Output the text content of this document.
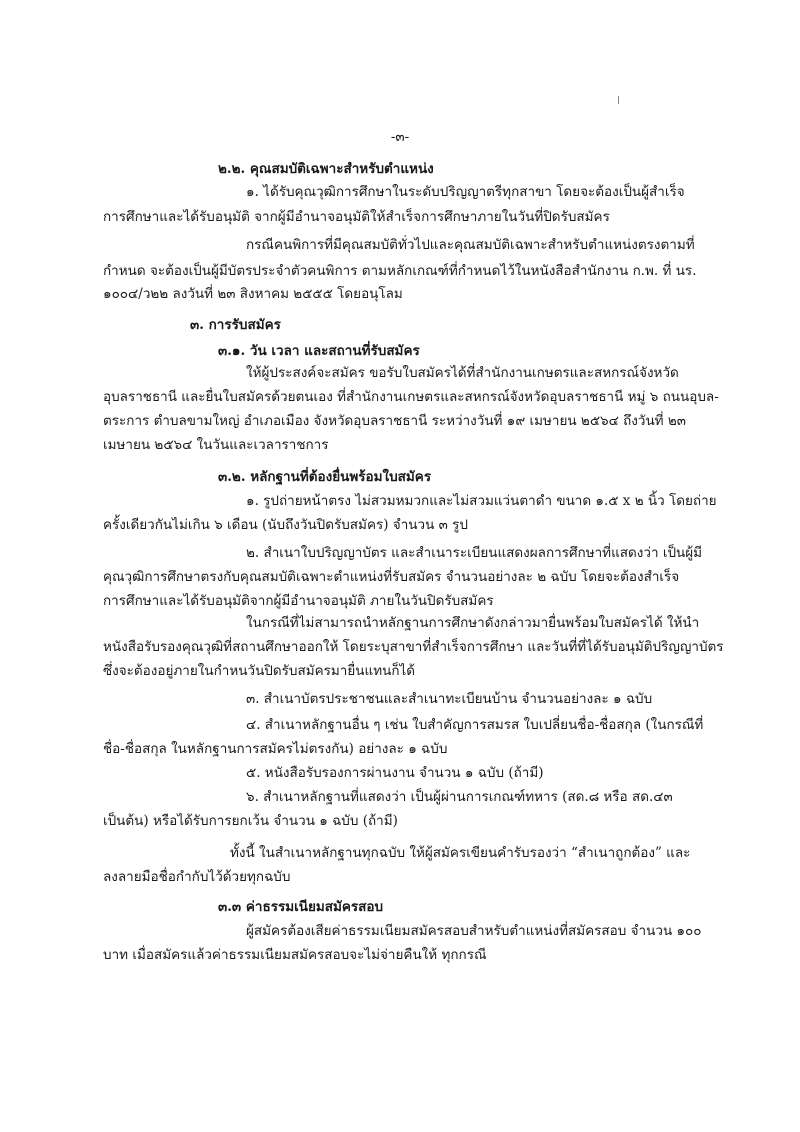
-๓-
๒.๒. คุณสมบัติเฉพาะสำหรับตำแหน่ง
๑. ได้รับคุณวุฒิการศึกษาในระดับปริญญาตรีทุกสาขา โดยจะต้องเป็นผู้สำเร็จ
การศึกษาและได้รับอนุมัติ จากผู้มีอำนาจอนุมัติให้สำเร็จการศึกษาภายในวันที่ปิดรับสมัคร
กรณีคนพิการที่มีคุณสมบัติทั่วไปและคุณสมบัติเฉพาะสำหรับตำแหน่งตรงตามที่
กำหนด จะต้องเป็นผู้มีบัตรประจำตัวคนพิการ ตามหลักเกณฑ์ที่กำหนดไว้ในหนังสือสำนักงาน ก.พ. ที่ นร.
๑๐๐๔/ว๒๒ ลงวันที่ ๒๓ สิงหาคม ๒๕๕๕ โดยอนุโลม
๓. การรับสมัคร
๓.๑. วัน เวลา และสถานที่รับสมัคร
ให้ผู้ประสงค์จะสมัคร ขอรับใบสมัครได้ที่สำนักงานเกษตรและสหกรณ์จังหวัด
อุบลราชธานี และยื่นใบสมัครด้วยตนเอง ที่สำนักงานเกษตรและสหกรณ์จังหวัดอุบลราชธานี หมู่ ๖ ถนนอุบล-
ตระการ ตำบลขามใหญ่ อำเภอเมือง จังหวัดอุบลราชธานี ระหว่างวันที่ ๑๙ เมษายน ๒๕๖๔ ถึงวันที่ ๒๓
เมษายน ๒๕๖๔ ในวันและเวลาราชการ
๓.๒. หลักฐานที่ต้องยื่นพร้อมใบสมัคร
๑. รูปถ่ายหน้าตรง ไม่สวมหมวกและไม่สวมแว่นตาดำ ขนาด ๑.๕ x ๒ นิ้ว โดยถ่าย
ครั้งเดียวกันไม่เกิน ๖ เดือน (นับถึงวันปิดรับสมัคร) จำนวน ๓ รูป
๒. สำเนาใบปริญญาบัตร และสำเนาระเบียนแสดงผลการศึกษาที่แสดงว่า เป็นผู้มี
คุณวุฒิการศึกษาตรงกับคุณสมบัติเฉพาะตำแหน่งที่รับสมัคร จำนวนอย่างละ ๒ ฉบับ โดยจะต้องสำเร็จ
การศึกษาและได้รับอนุมัติจากผู้มีอำนาจอนุมัติ ภายในวันปิดรับสมัคร
ในกรณีที่ไม่สามารถนำหลักฐานการศึกษาดังกล่าวมายื่นพร้อมใบสมัครได้ ให้นำ
หนังสือรับรองคุณวุฒิที่สถานศึกษาออกให้ โดยระบุสาขาที่สำเร็จการศึกษา และวันที่ที่ได้รับอนุมัติปริญญาบัตร
ซึ่งจะต้องอยู่ภายในกำหนวันปิดรับสมัครมายื่นแทนก็ได้
๓. สำเนาบัตรประชาชนและสำเนาทะเบียนบ้าน จำนวนอย่างละ ๑ ฉบับ
๔. สำเนาหลักฐานอื่น ๆ เช่น ใบสำคัญการสมรส ใบเปลี่ยนชื่อ-ชื่อสกุล (ในกรณีที่
ชื่อ-ชื่อสกุล ในหลักฐานการสมัครไม่ตรงกัน) อย่างละ ๑ ฉบับ
๕. หนังสือรับรองการผ่านงาน จำนวน ๑ ฉบับ (ถ้ามี)
๖. สำเนาหลักฐานที่แสดงว่า เป็นผู้ผ่านการเกณฑ์ทหาร (สด.๘ หรือ สด.๔๓
เป็นต้น) หรือได้รับการยกเว้น จำนวน ๑ ฉบับ (ถ้ามี)
ทั้งนี้ ในสำเนาหลักฐานทุกฉบับ ให้ผู้สมัครเขียนคำรับรองว่า “สำเนาถูกต้อง” และ
ลงลายมือชื่อกำกับไว้ด้วยทุกฉบับ
๓.๓ ค่าธรรมเนียมสมัครสอบ
ผู้สมัครต้องเสียค่าธรรมเนียมสมัครสอบสำหรับตำแหน่งที่สมัครสอบ จำนวน ๑๐๐
บาท เมื่อสมัครแล้วค่าธรรมเนียมสมัครสอบจะไม่จ่ายคืนให้ ทุกกรณี
